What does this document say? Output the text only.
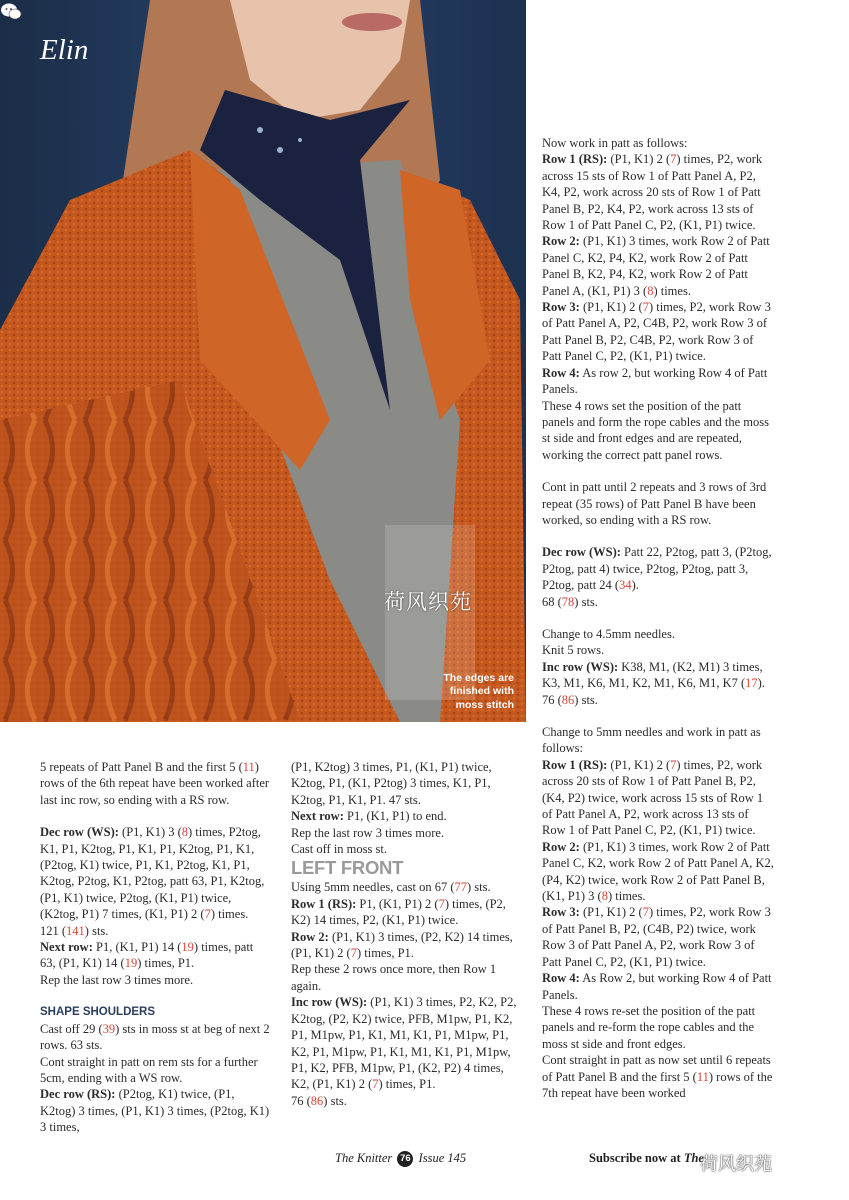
Elin
荷风织苑
The edges are
finished with
moss stitch

Now work in patt as follows:

Row 1 (RS): (P1, K1) 2 (7) times, P2, work across 15 sts of Row 1 of Patt Panel A, P2, K4, P2, work across 20 sts of Row 1 of Patt Panel B, P2, K4, P2, work across 13 sts of Row 1 of Patt Panel C, P2, (K1, P1) twice.

Row 2: (P1, K1) 3 times, work Row 2 of Patt Panel C, K2, P4, K2, work Row 2 of Patt Panel B, K2, P4, K2, work Row 2 of Patt Panel A, (K1, P1) 3 (8) times.

Row 3: (P1, K1) 2 (7) times, P2, work Row 3 of Patt Panel A, P2, C4B, P2, work Row 3 of Patt Panel B, P2, C4B, P2, work Row 3 of Patt Panel C, P2, (K1, P1) twice.

Row 4: As row 2, but working Row 4 of Patt Panels.

These 4 rows set the position of the patt panels and form the rope cables and the moss st side and front edges and are repeated, working the correct patt panel rows.

Cont in patt until 2 repeats and 3 rows of 3rd repeat (35 rows) of Patt Panel B have been worked, so ending with a RS row.

Dec row (WS): Patt 22, P2tog, patt 3, (P2tog, P2tog, patt 4) twice, P2tog, P2tog, patt 3, P2tog, patt 24 (34).

68 (78) sts.

Change to 4.5mm needles.

Knit 5 rows.

Inc row (WS): K38, M1, (K2, M1) 3 times, K3, M1, K6, M1, K2, M1, K6, M1, K7 (17).

76 (86) sts.

Change to 5mm needles and work in patt as follows:

Row 1 (RS): (P1, K1) 2 (7) times, P2, work across 20 sts of Row 1 of Patt Panel B, P2, (K4, P2) twice, work across 15 sts of Row 1 of Patt Panel A, P2, work across 13 sts of Row 1 of Patt Panel C, P2, (K1, P1) twice.

Row 2: (P1, K1) 3 times, work Row 2 of Patt Panel C, K2, work Row 2 of Patt Panel A, K2, (P4, K2) twice, work Row 2 of Patt Panel B, (K1, P1) 3 (8) times.

Row 3: (P1, K1) 2 (7) times, P2, work Row 3 of Patt Panel B, P2, (C4B, P2) twice, work Row 3 of Patt Panel A, P2, work Row 3 of Patt Panel C, P2, (K1, P1) twice.

Row 4: As Row 2, but working Row 4 of Patt Panels.

These 4 rows re-set the position of the patt panels and re-form the rope cables and the moss st side and front edges.

Cont straight in patt as now set until 6 repeats of Patt Panel B and the first 5 (11) rows of the 7th repeat have been worked

5 repeats of Patt Panel B and the first 5 (11) rows of the 6th repeat have been worked after last inc row, so ending with a RS row.

Dec row (WS): (P1, K1) 3 (8) times, P2tog, K1, P1, K2tog, P1, K1, P1, K2tog, P1, K1, (P2tog, K1) twice, P1, K1, P2tog, K1, P1, K2tog, P2tog, K1, P2tog, patt 63, P1, K2tog, (P1, K1) twice, P2tog, (K1, P1) twice, (K2tog, P1) 7 times, (K1, P1) 2 (7) times.

121 (141) sts.

Next row: P1, (K1, P1) 14 (19) times, patt 63, (P1, K1) 14 (19) times, P1.

Rep the last row 3 times more.

SHAPE SHOULDERS

Cast off 29 (39) sts in moss st at beg of next 2 rows. 63 sts.

Cont straight in patt on rem sts for a further 5cm, ending with a WS row.

Dec row (RS): (P2tog, K1) twice, (P1, K2tog) 3 times, (P1, K1) 3 times, (P2tog, K1) 3 times,

(P1, K2tog) 3 times, P1, (K1, P1) twice, K2tog, P1, (K1, P2tog) 3 times, K1, P1, K2tog, P1, K1, P1. 47 sts.

Next row: P1, (K1, P1) to end.

Rep the last row 3 times more.

Cast off in moss st.

LEFT FRONT

Using 5mm needles, cast on 67 (77) sts.

Row 1 (RS): P1, (K1, P1) 2 (7) times, (P2, K2) 14 times, P2, (K1, P1) twice.

Row 2: (P1, K1) 3 times, (P2, K2) 14 times, (P1, K1) 2 (7) times, P1.

Rep these 2 rows once more, then Row 1 again.

Inc row (WS): (P1, K1) 3 times, P2, K2, P2, K2tog, (P2, K2) twice, PFB, M1pw, P1, K2, P1, M1pw, P1, K1, M1, K1, P1, M1pw, P1, K2, P1, M1pw, P1, K1, M1, K1, P1, M1pw, P1, K2, PFB, M1pw, P1, (K2, P2) 4 times, K2, (P1, K1) 2 (7) times, P1.

76 (86) sts.

The Knitter 76 Issue 145	Subscribe now at The
荷风织苑
